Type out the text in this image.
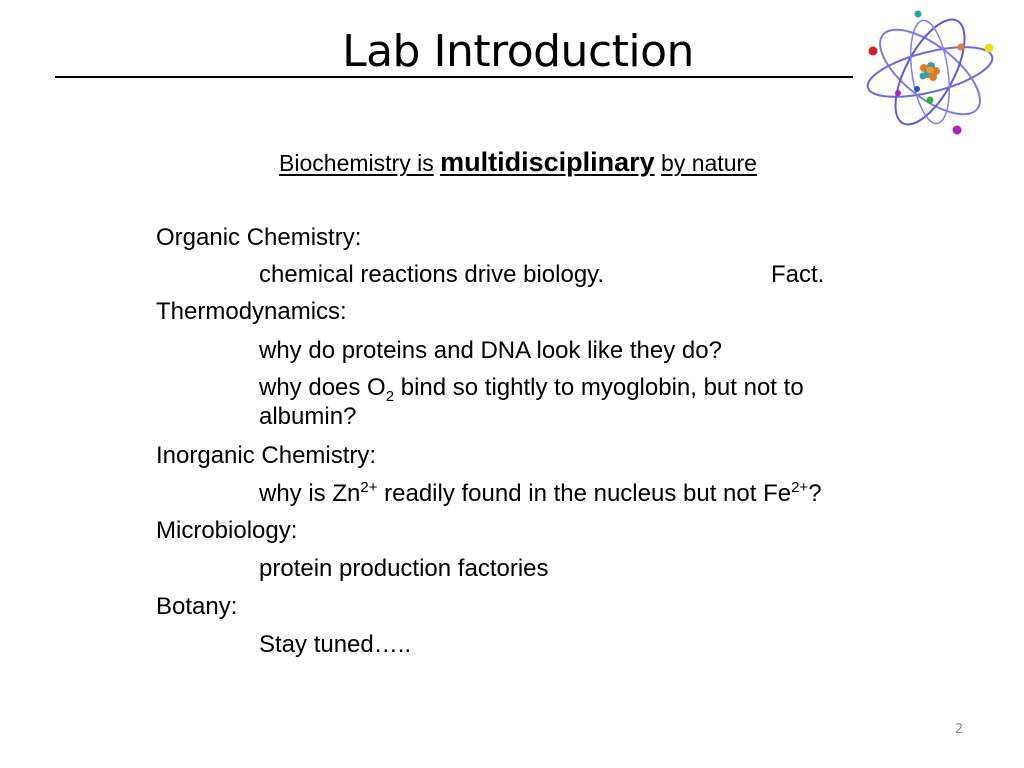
Lab Introduction
Biochemistry is multidisciplinary by nature
Organic Chemistry:
chemical reactions drive biology.	Fact.
Thermodynamics:
why do proteins and DNA look like they do?
why does $O_2$ bind so tightly to myoglobin, but not to
albumin?
Inorganic Chemistry:
why is $Zn^{2+}$ readily found in the nucleus but not $Fe^{2+}$?
Microbiology:
protein production factories
Botany:
Stay tuned…..
2
